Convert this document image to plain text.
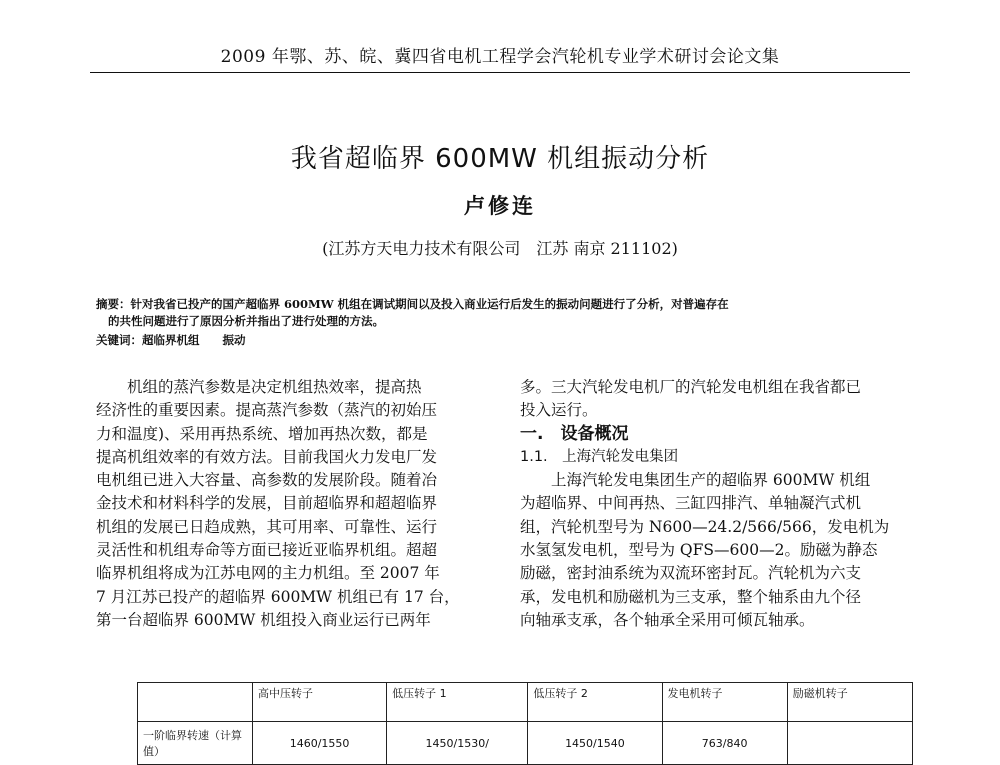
2009 年鄂、苏、皖、冀四省电机工程学会汽轮机专业学术研讨会论文集
我省超临界 600MW 机组振动分析
卢修连
(江苏方天电力技术有限公司　江苏 南京 211102)
摘要：针对我省已投产的国产超临界 600MW 机组在调试期间以及投入商业运行后发生的振动问题进行了分析，对普遍存在
的共性问题进行了原因分析并指出了进行处理的方法。
关键词：超临界机组　　振动

机组的蒸汽参数是决定机组热效率，提高热

经济性的重要因素。提高蒸汽参数（蒸汽的初始压

力和温度)、采用再热系统、增加再热次数，都是

提高机组效率的有效方法。目前我国火力发电厂发

电机组已进入大容量、高参数的发展阶段。随着冶

金技术和材料科学的发展，目前超临界和超超临界

机组的发展已日趋成熟，其可用率、可靠性、运行

灵活性和机组寿命等方面已接近亚临界机组。超超

临界机组将成为江苏电网的主力机组。至 2007 年

7 月江苏已投产的超临界 600MW 机组已有 17 台，

第一台超临界 600MW 机组投入商业运行已两年

多。三大汽轮发电机厂的汽轮发电机组在我省都已

投入运行。

一.　设备概况

1.1.　上海汽轮发电集团

上海汽轮发电集团生产的超临界 600MW 机组

为超临界、中间再热、三缸四排汽、单轴凝汽式机

组，汽轮机型号为 N600—24.2/566/566，发电机为

水氢氢发电机，型号为 QFS—600—2。励磁为静态

励磁，密封油系统为双流环密封瓦。汽轮机为六支

承，发电机和励磁机为三支承，整个轴系由九个径

向轴承支承，各个轴承全采用可倾瓦轴承。

	高中压转子	低压转子 1	低压转子 2	发电机转子	励磁机转子
一阶临界转速（计算值）	1460/1550	1450/1530/	1450/1540	763/840	
